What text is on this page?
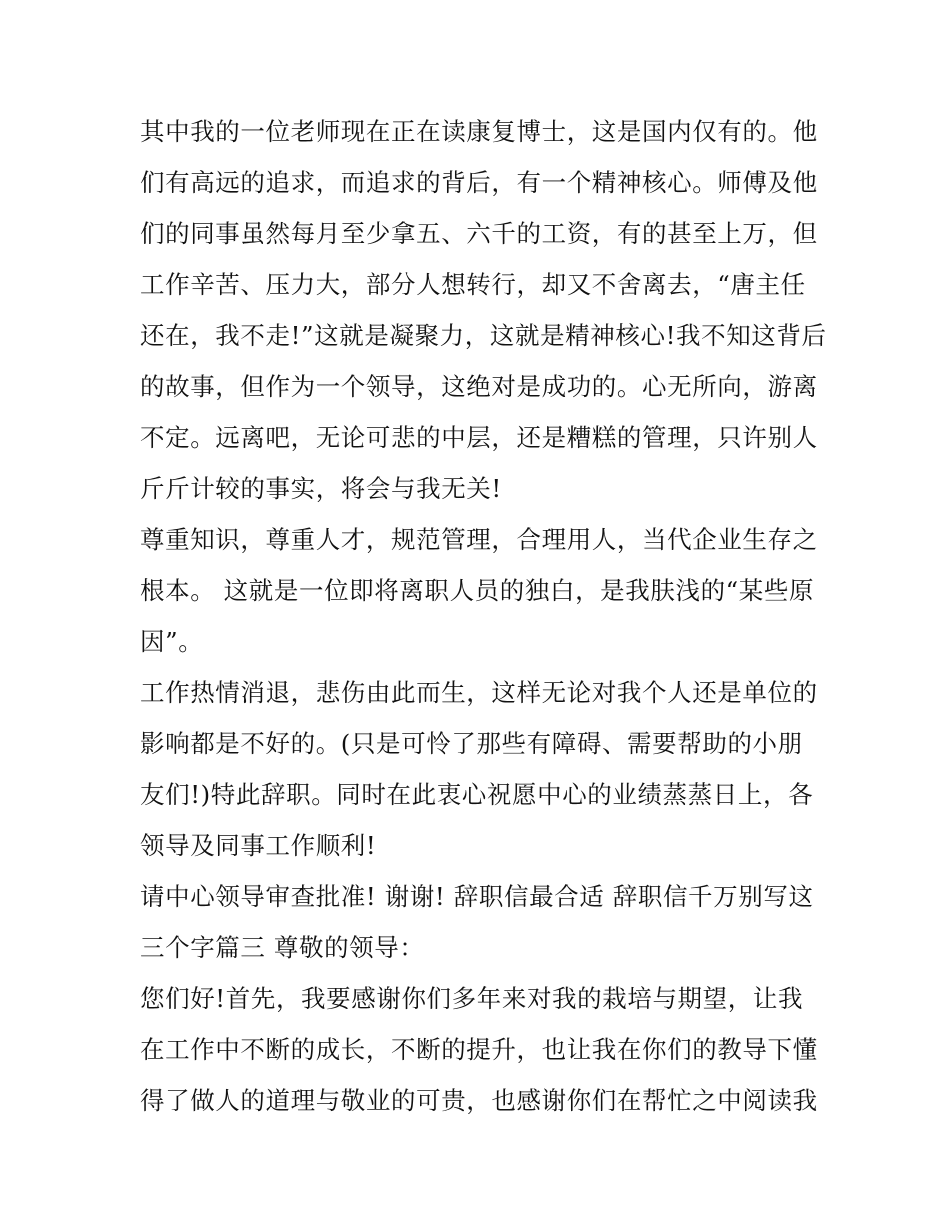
其中我的一位老师现在正在读康复博士，这是国内仅有的。他
们有高远的追求，而追求的背后，有一个精神核心。师傅及他
们的同事虽然每月至少拿五、六千的工资，有的甚至上万，但
工作辛苦、压力大，部分人想转行，却又不舍离去，“唐主任
还在，我不走!”这就是凝聚力，这就是精神核心!我不知这背后
的故事，但作为一个领导，这绝对是成功的。心无所向，游离
不定。远离吧，无论可悲的中层，还是糟糕的管理，只许别人
斤斤计较的事实，将会与我无关!

尊重知识，尊重人才，规范管理，合理用人，当代企业生存之
根本。 这就是一位即将离职人员的独白，是我肤浅的“某些原
因”。

工作热情消退，悲伤由此而生，这样无论对我个人还是单位的
影响都是不好的。(只是可怜了那些有障碍、需要帮助的小朋
友们!)特此辞职。同时在此衷心祝愿中心的业绩蒸蒸日上，各
领导及同事工作顺利!

请中心领导审查批准! 谢谢! 辞职信最合适 辞职信千万别写这
三个字篇三 尊敬的领导：

您们好!首先，我要感谢你们多年来对我的栽培与期望，让我
在工作中不断的成长，不断的提升，也让我在你们的教导下懂
得了做人的道理与敬业的可贵，也感谢你们在帮忙之中阅读我
